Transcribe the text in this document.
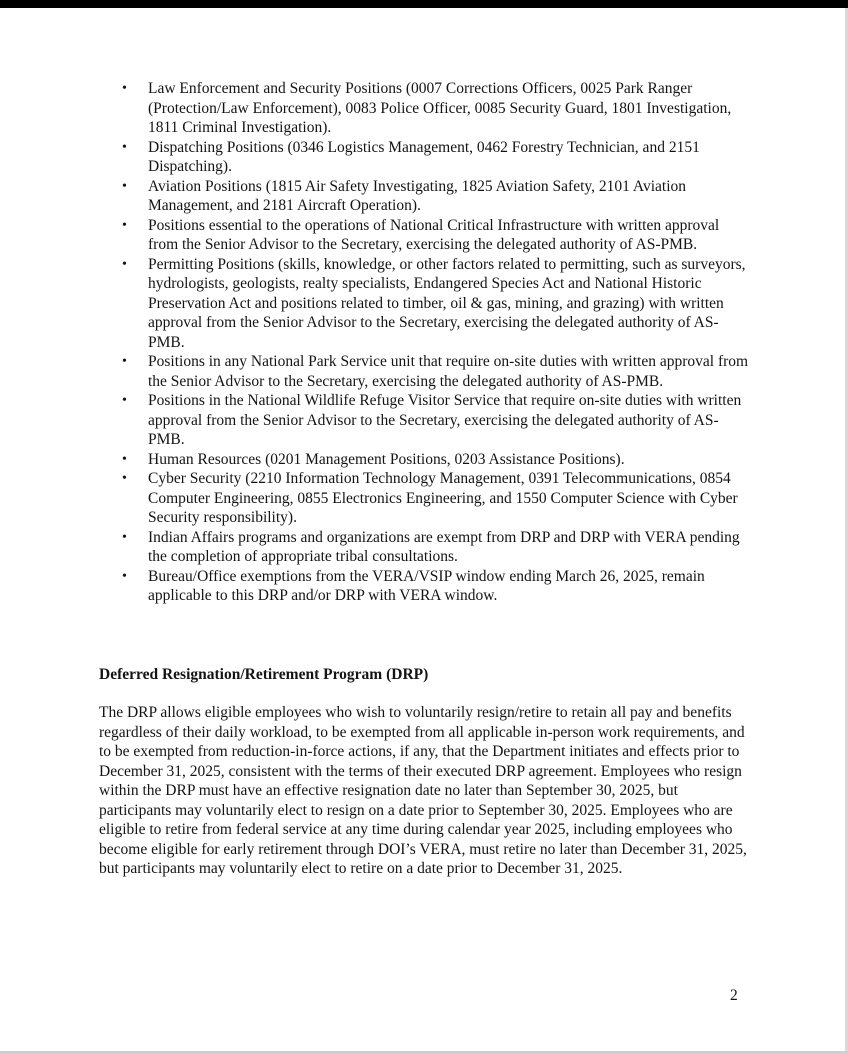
• Law Enforcement and Security Positions (0007 Corrections Officers, 0025 Park Ranger (Protection/Law Enforcement), 0083 Police Officer, 0085 Security Guard, 1801 Investigation, 1811 Criminal Investigation).
• Dispatching Positions (0346 Logistics Management, 0462 Forestry Technician, and 2151 Dispatching).
• Aviation Positions (1815 Air Safety Investigating, 1825 Aviation Safety, 2101 Aviation Management, and 2181 Aircraft Operation).
• Positions essential to the operations of National Critical Infrastructure with written approval from the Senior Advisor to the Secretary, exercising the delegated authority of AS-PMB.
• Permitting Positions (skills, knowledge, or other factors related to permitting, such as surveyors, hydrologists, geologists, realty specialists, Endangered Species Act and National Historic Preservation Act and positions related to timber, oil & gas, mining, and grazing) with written approval from the Senior Advisor to the Secretary, exercising the delegated authority of AS-PMB.
• Positions in any National Park Service unit that require on-site duties with written approval from the Senior Advisor to the Secretary, exercising the delegated authority of AS-PMB.
• Positions in the National Wildlife Refuge Visitor Service that require on-site duties with written approval from the Senior Advisor to the Secretary, exercising the delegated authority of AS-PMB.
• Human Resources (0201 Management Positions, 0203 Assistance Positions).
• Cyber Security (2210 Information Technology Management, 0391 Telecommunications, 0854 Computer Engineering, 0855 Electronics Engineering, and 1550 Computer Science with Cyber Security responsibility).
• Indian Affairs programs and organizations are exempt from DRP and DRP with VERA pending the completion of appropriate tribal consultations.
• Bureau/Office exemptions from the VERA/VSIP window ending March 26, 2025, remain applicable to this DRP and/or DRP with VERA window.
Deferred Resignation/Retirement Program (DRP)

The DRP allows eligible employees who wish to voluntarily resign/retire to retain all pay and benefits regardless of their daily workload, to be exempted from all applicable in-person work requirements, and to be exempted from reduction-in-force actions, if any, that the Department initiates and effects prior to December 31, 2025, consistent with the terms of their executed DRP agreement. Employees who resign within the DRP must have an effective resignation date no later than September 30, 2025, but participants may voluntarily elect to resign on a date prior to September 30, 2025. Employees who are eligible to retire from federal service at any time during calendar year 2025, including employees who become eligible for early retirement through DOI’s VERA, must retire no later than December 31, 2025, but participants may voluntarily elect to retire on a date prior to December 31, 2025.

2
